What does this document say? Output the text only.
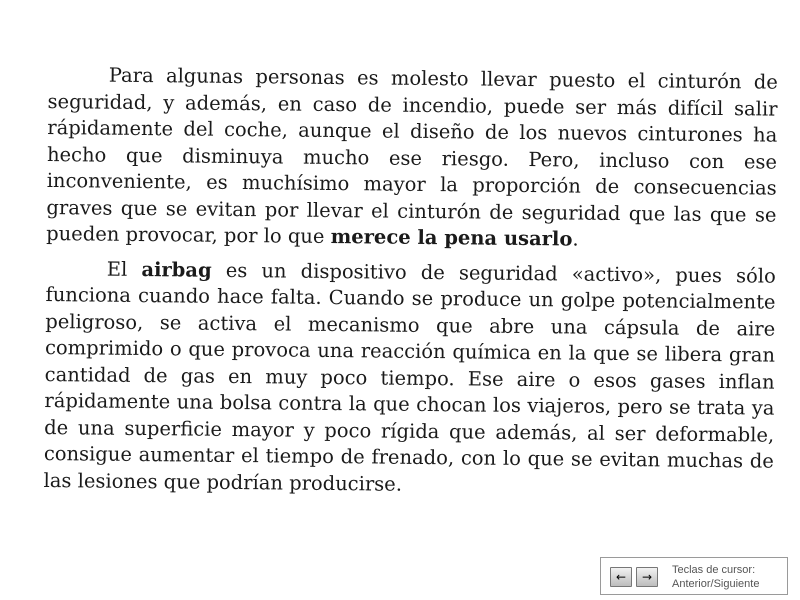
Para algunas personas es molesto llevar puesto el cinturón de seguridad, y además, en caso de incendio, puede ser más difícil salir rápidamente del coche, aunque el diseño de los nuevos cinturones ha hecho que disminuya mucho ese riesgo. Pero, incluso con ese inconveniente, es muchísimo mayor la proporción de consecuencias graves que se evitan por llevar el cinturón de seguridad que las que se pueden provocar, por lo que merece la pena usarlo.

El airbag es un dispositivo de seguridad «activo», pues sólo funciona cuando hace falta. Cuando se produce un golpe potencialmente peligroso, se activa el mecanismo que abre una cápsula de aire comprimido o que provoca una reacción química en la que se libera gran cantidad de gas en muy poco tiempo. Ese aire o esos gases inflan rápidamente una bolsa contra la que chocan los viajeros, pero se trata ya de una superficie mayor y poco rígida que además, al ser deformable, consigue aumentar el tiempo de frenado, con lo que se evitan muchas de las lesiones que podrían producirse.

←	→	Teclas de cursor:
Anterior/Siguiente
